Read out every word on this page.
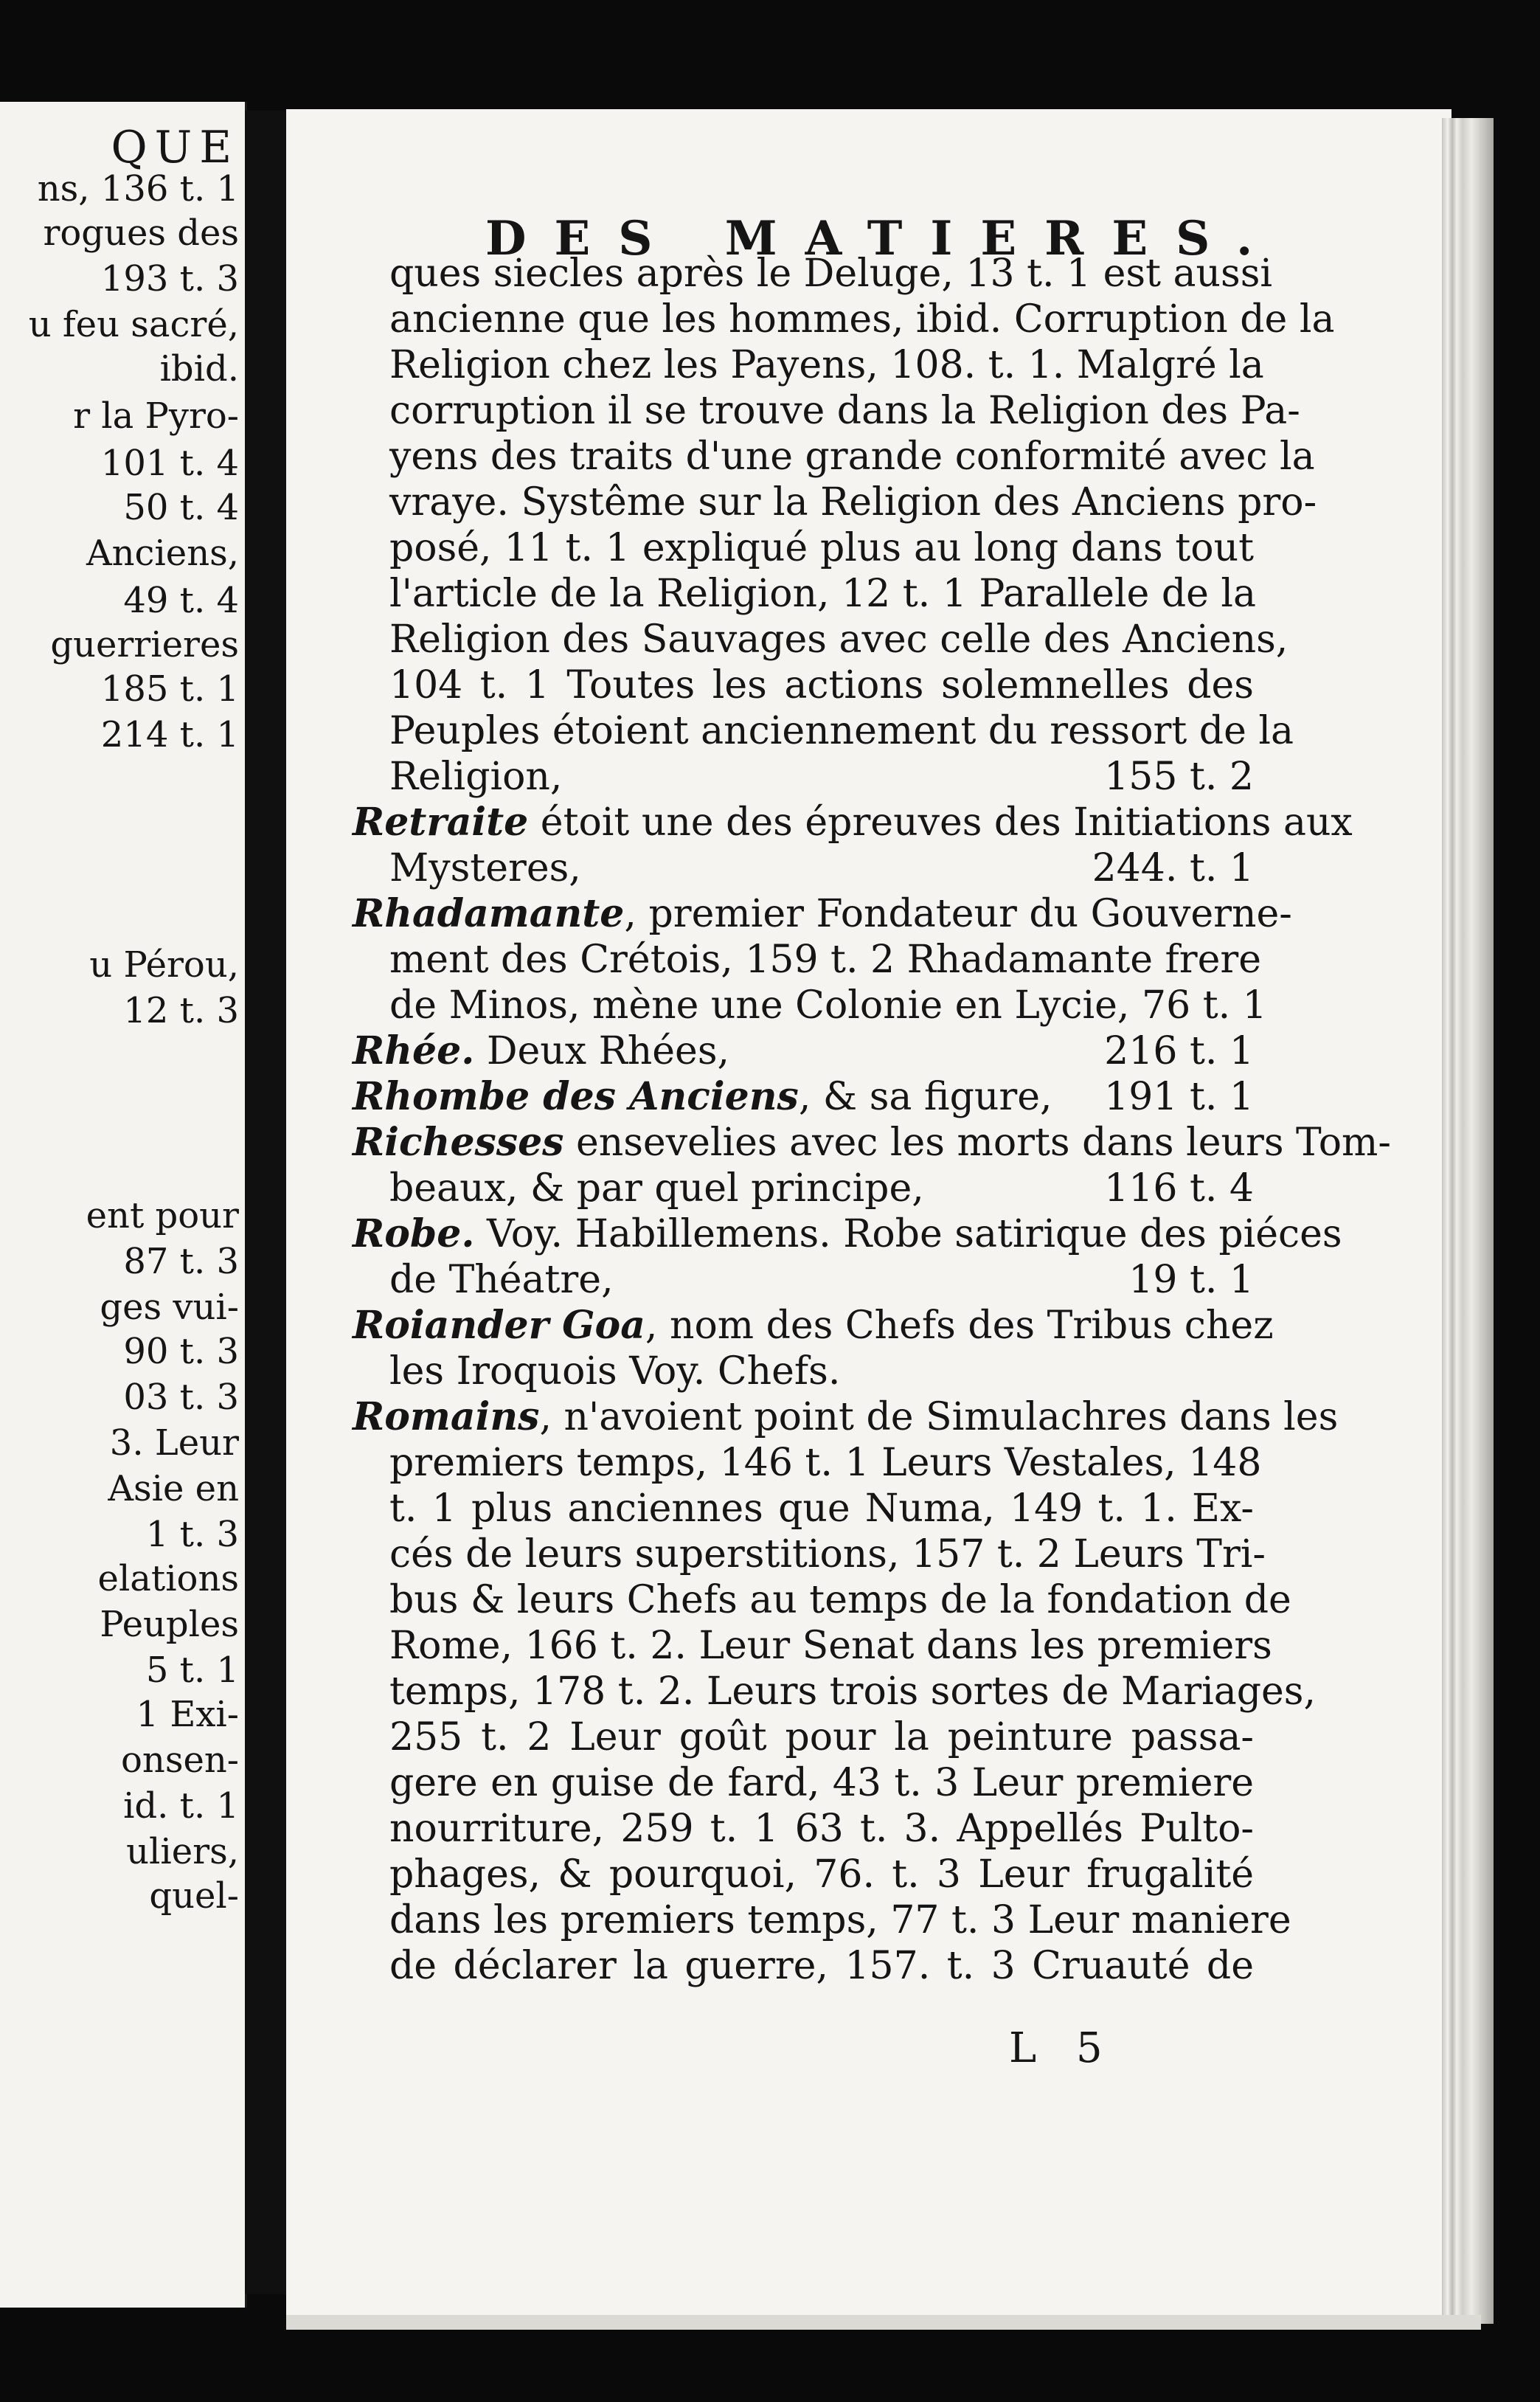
QUE
ns, 136 t. 1
rogues des
193 t. 3
u feu sacré,
ibid.
r la Pyro-
101 t. 4
50 t. 4
Anciens,
49 t. 4
guerrieres
185 t. 1
214 t. 1
u Pérou,
12 t. 3
ent pour
87 t. 3
ges vui-
90 t. 3
03 t. 3
3. Leur
Asie en
1 t. 3
elations
Peuples
5 t. 1
1 Exi-
onsen-
id. t. 1
uliers,
quel-
DES MATIERES.
ques siecles après le Deluge, 13 t. 1 est aussi
ancienne que les hommes, ibid. Corruption de la
Religion chez les Payens, 108. t. 1. Malgré la
corruption il se trouve dans la Religion des Pa-
yens des traits d'une grande conformité avec la
vraye. Systême sur la Religion des Anciens pro-
posé, 11 t. 1 expliqué plus au long dans tout
l'article de la Religion, 12 t. 1 Parallele de la
Religion des Sauvages avec celle des Anciens,
104 t. 1 Toutes les actions solemnelles des
Peuples étoient anciennement du ressort de la
Religion,	155 t. 2
Retraite étoit une des épreuves des Initiations aux
Mysteres,	244. t. 1
Rhadamante, premier Fondateur du Gouverne-
ment des Crétois, 159 t. 2 Rhadamante frere
de Minos, mène une Colonie en Lycie, 76 t. 1
Rhée. Deux Rhées,	216 t. 1
Rhombe des Anciens, & sa figure, 191 t. 1
Richesses ensevelies avec les morts dans leurs Tom-
beaux, & par quel principe,	116 t. 4
Robe. Voy. Habillemens. Robe satirique des piéces
de Théatre,	19 t. 1
Roiander Goa, nom des Chefs des Tribus chez
les Iroquois Voy. Chefs.
Romains, n'avoient point de Simulachres dans les
premiers temps, 146 t. 1 Leurs Vestales, 148
t. 1 plus anciennes que Numa, 149 t. 1. Ex-
cés de leurs superstitions, 157 t. 2 Leurs Tri-
bus & leurs Chefs au temps de la fondation de
Rome, 166 t. 2. Leur Senat dans les premiers
temps, 178 t. 2. Leurs trois sortes de Mariages,
255 t. 2 Leur goût pour la peinture passa-
gere en guise de fard, 43 t. 3 Leur premiere
nourriture, 259 t. 1 63 t. 3. Appellés Pulto-
phages, & pourquoi, 76. t. 3 Leur frugalité
dans les premiers temps, 77 t. 3 Leur maniere
de déclarer la guerre, 157. t. 3 Cruauté de
L 5
